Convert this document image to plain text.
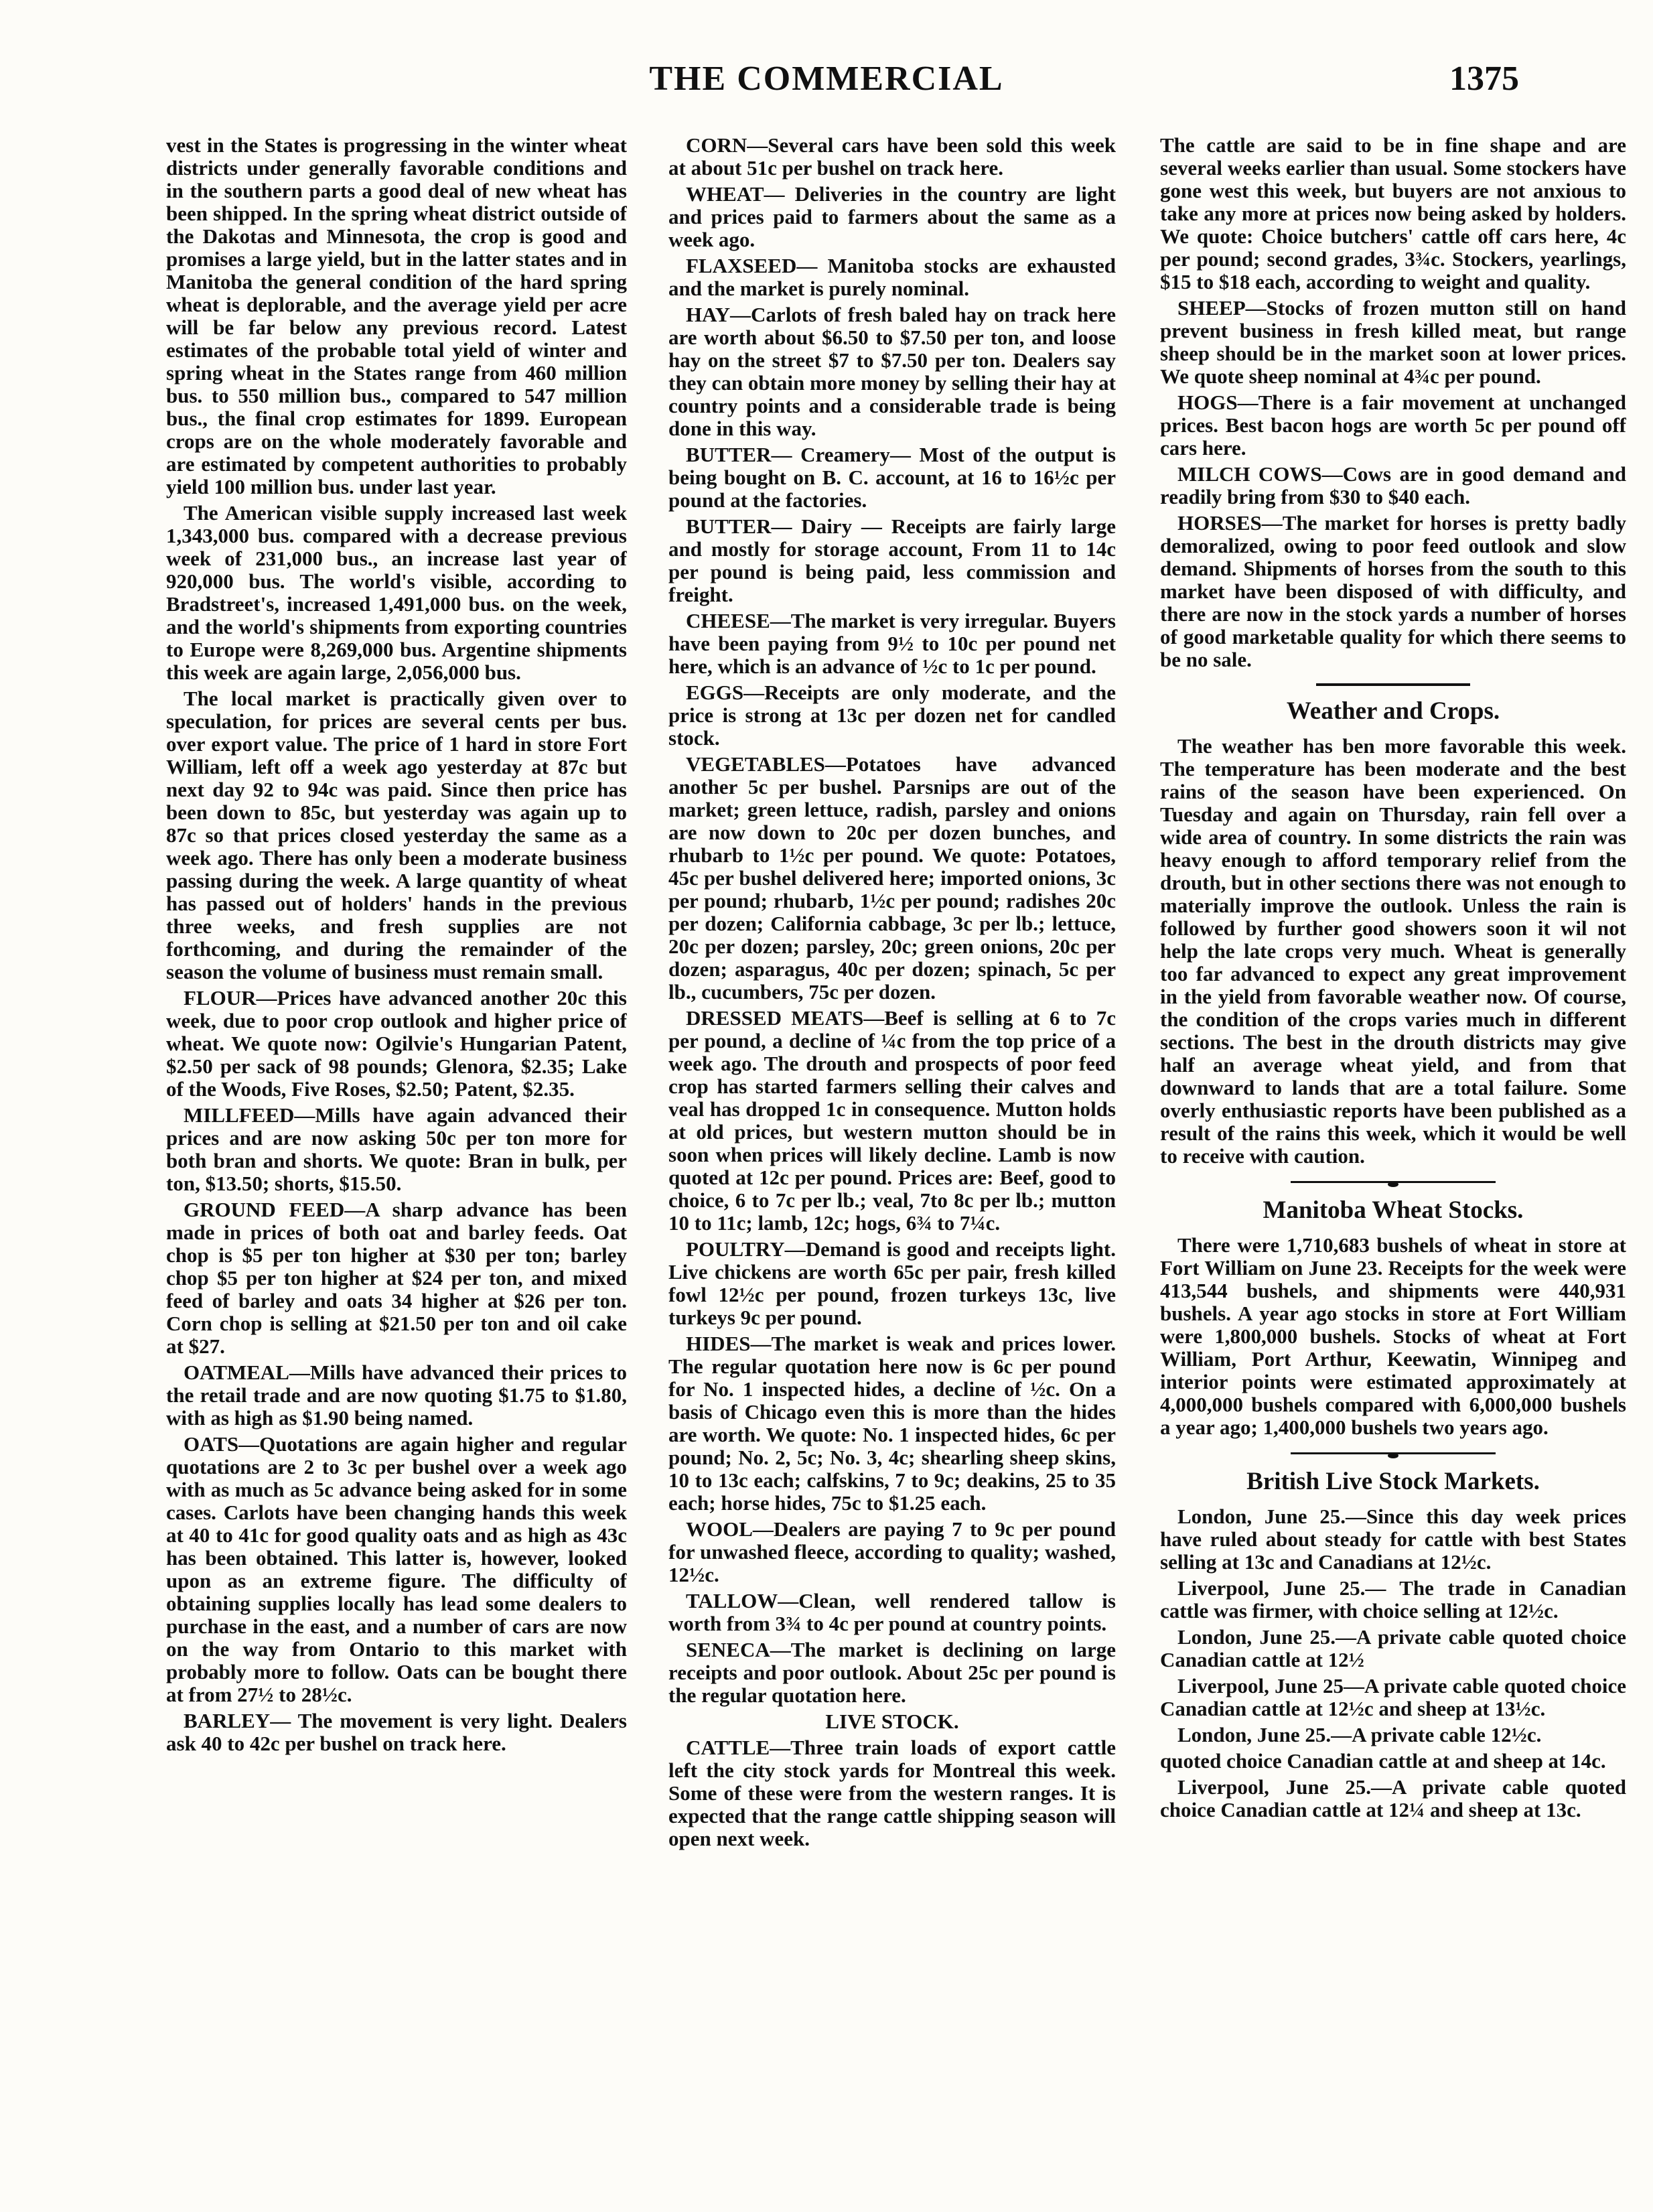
THE COMMERCIAL	1375

vest in the States is progressing in the winter wheat districts under generally favorable conditions and in the southern parts a good deal of new wheat has been shipped. In the spring wheat district outside of the Dakotas and Minnesota, the crop is good and promises a large yield, but in the latter states and in Manitoba the general condition of the hard spring wheat is deplorable, and the average yield per acre will be far below any previous record. Latest estimates of the probable total yield of winter and spring wheat in the States range from 460 million bus. to 550 million bus., compared to 547 million bus., the final crop estimates for 1899. European crops are on the whole moderately favorable and are estimated by competent authorities to probably yield 100 million bus. under last year.

The American visible supply increased last week 1,343,000 bus. compared with a decrease previous week of 231,000 bus., an increase last year of 920,000 bus. The world's visible, according to Bradstreet's, increased 1,491,000 bus. on the week, and the world's shipments from exporting countries to Europe were 8,269,000 bus. Argentine shipments this week are again large, 2,056,000 bus.

The local market is practically given over to speculation, for prices are several cents per bus. over export value. The price of 1 hard in store Fort William, left off a week ago yesterday at 87c but next day 92 to 94c was paid. Since then price has been down to 85c, but yesterday was again up to 87c so that prices closed yesterday the same as a week ago. There has only been a moderate business passing during the week. A large quantity of wheat has passed out of holders' hands in the previous three weeks, and fresh supplies are not forthcoming, and during the remainder of the season the volume of business must remain small.

FLOUR—Prices have advanced another 20c this week, due to poor crop outlook and higher price of wheat. We quote now: Ogilvie's Hungarian Patent, $2.50 per sack of 98 pounds; Glenora, $2.35; Lake of the Woods, Five Roses, $2.50; Patent, $2.35.

MILLFEED—Mills have again advanced their prices and are now asking 50c per ton more for both bran and shorts. We quote: Bran in bulk, per ton, $13.50; shorts, $15.50.

GROUND FEED—A sharp advance has been made in prices of both oat and barley feeds. Oat chop is $5 per ton higher at $30 per ton; barley chop $5 per ton higher at $24 per ton, and mixed feed of barley and oats 34 higher at $26 per ton. Corn chop is selling at $21.50 per ton and oil cake at $27.

OATMEAL—Mills have advanced their prices to the retail trade and are now quoting $1.75 to $1.80, with as high as $1.90 being named.

OATS—Quotations are again higher and regular quotations are 2 to 3c per bushel over a week ago with as much as 5c advance being asked for in some cases. Carlots have been changing hands this week at 40 to 41c for good quality oats and as high as 43c has been obtained. This latter is, however, looked upon as an extreme figure. The difficulty of obtaining supplies locally has lead some dealers to purchase in the east, and a number of cars are now on the way from Ontario to this market with probably more to follow. Oats can be bought there at from 27½ to 28½c.

BARLEY— The movement is very light. Dealers ask 40 to 42c per bushel on track here.

CORN—Several cars have been sold this week at about 51c per bushel on track here.

WHEAT— Deliveries in the country are light and prices paid to farmers about the same as a week ago.

FLAXSEED— Manitoba stocks are exhausted and the market is purely nominal.

HAY—Carlots of fresh baled hay on track here are worth about $6.50 to $7.50 per ton, and loose hay on the street $7 to $7.50 per ton. Dealers say they can obtain more money by selling their hay at country points and a considerable trade is being done in this way.

BUTTER— Creamery— Most of the output is being bought on B. C. account, at 16 to 16½c per pound at the factories.

BUTTER— Dairy — Receipts are fairly large and mostly for storage account, From 11 to 14c per pound is being paid, less commission and freight.

CHEESE—The market is very irregular. Buyers have been paying from 9½ to 10c per pound net here, which is an advance of ½c to 1c per pound.

EGGS—Receipts are only moderate, and the price is strong at 13c per dozen net for candled stock.

VEGETABLES—Potatoes have advanced another 5c per bushel. Parsnips are out of the market; green lettuce, radish, parsley and onions are now down to 20c per dozen bunches, and rhubarb to 1½c per pound. We quote: Potatoes, 45c per bushel delivered here; imported onions, 3c per pound; rhubarb, 1½c per pound; radishes 20c per dozen; California cabbage, 3c per lb.; lettuce, 20c per dozen; parsley, 20c; green onions, 20c per dozen; asparagus, 40c per dozen; spinach, 5c per lb., cucumbers, 75c per dozen.

DRESSED MEATS—Beef is selling at 6 to 7c per pound, a decline of ¼c from the top price of a week ago. The drouth and prospects of poor feed crop has started farmers selling their calves and veal has dropped 1c in consequence. Mutton holds at old prices, but western mutton should be in soon when prices will likely decline. Lamb is now quoted at 12c per pound. Prices are: Beef, good to choice, 6 to 7c per lb.; veal, 7to 8c per lb.; mutton 10 to 11c; lamb, 12c; hogs, 6¾ to 7¼c.

POULTRY—Demand is good and receipts light. Live chickens are worth 65c per pair, fresh killed fowl 12½c per pound, frozen turkeys 13c, live turkeys 9c per pound.

HIDES—The market is weak and prices lower. The regular quotation here now is 6c per pound for No. 1 inspected hides, a decline of ½c. On a basis of Chicago even this is more than the hides are worth. We quote: No. 1 inspected hides, 6c per pound; No. 2, 5c; No. 3, 4c; shearling sheep skins, 10 to 13c each; calfskins, 7 to 9c; deakins, 25 to 35 each; horse hides, 75c to $1.25 each.

WOOL—Dealers are paying 7 to 9c per pound for unwashed fleece, according to quality; washed, 12½c.

TALLOW—Clean, well rendered tallow is worth from 3¾ to 4c per pound at country points.

SENECA—The market is declining on large receipts and poor outlook. About 25c per pound is the regular quotation here.

LIVE STOCK.

CATTLE—Three train loads of export cattle left the city stock yards for Montreal this week. Some of these were from the western ranges. It is expected that the range cattle shipping season will open next week.

The cattle are said to be in fine shape and are several weeks earlier than usual. Some stockers have gone west this week, but buyers are not anxious to take any more at prices now being asked by holders. We quote: Choice butchers' cattle off cars here, 4c per pound; second grades, 3¾c. Stockers, yearlings, $15 to $18 each, according to weight and quality.

SHEEP—Stocks of frozen mutton still on hand prevent business in fresh killed meat, but range sheep should be in the market soon at lower prices. We quote sheep nominal at 4¾c per pound.

HOGS—There is a fair movement at unchanged prices. Best bacon hogs are worth 5c per pound off cars here.

MILCH COWS—Cows are in good demand and readily bring from $30 to $40 each.

HORSES—The market for horses is pretty badly demoralized, owing to poor feed outlook and slow demand. Shipments of horses from the south to this market have been disposed of with difficulty, and there are now in the stock yards a number of horses of good marketable quality for which there seems to be no sale.

Weather and Crops.

The weather has ben more favorable this week. The temperature has been moderate and the best rains of the season have been experienced. On Tuesday and again on Thursday, rain fell over a wide area of country. In some districts the rain was heavy enough to afford temporary relief from the drouth, but in other sections there was not enough to materially improve the outlook. Unless the rain is followed by further good showers soon it wil not help the late crops very much. Wheat is generally too far advanced to expect any great improvement in the yield from favorable weather now. Of course, the condition of the crops varies much in different sections. The best in the drouth districts may give half an average wheat yield, and from that downward to lands that are a total failure. Some overly enthusiastic reports have been published as a result of the rains this week, which it would be well to receive with caution.

Manitoba Wheat Stocks.

There were 1,710,683 bushels of wheat in store at Fort William on June 23. Receipts for the week were 413,544 bushels, and shipments were 440,931 bushels. A year ago stocks in store at Fort William were 1,800,000 bushels. Stocks of wheat at Fort William, Port Arthur, Keewatin, Winnipeg and interior points were estimated approximately at 4,000,000 bushels compared with 6,000,000 bushels a year ago; 1,400,000 bushels two years ago.

British Live Stock Markets.

London, June 25.—Since this day week prices have ruled about steady for cattle with best States selling at 13c and Canadians at 12½c.

Liverpool, June 25.— The trade in Canadian cattle was firmer, with choice selling at 12½c.

London, June 25.—A private cable quoted choice Canadian cattle at 12½

Liverpool, June 25—A private cable quoted choice Canadian cattle at 12½c and sheep at 13½c.

London, June 25.—A private cable 12½c.

quoted choice Canadian cattle at and sheep at 14c.

Liverpool, June 25.—A private cable quoted choice Canadian cattle at 12¼ and sheep at 13c.
